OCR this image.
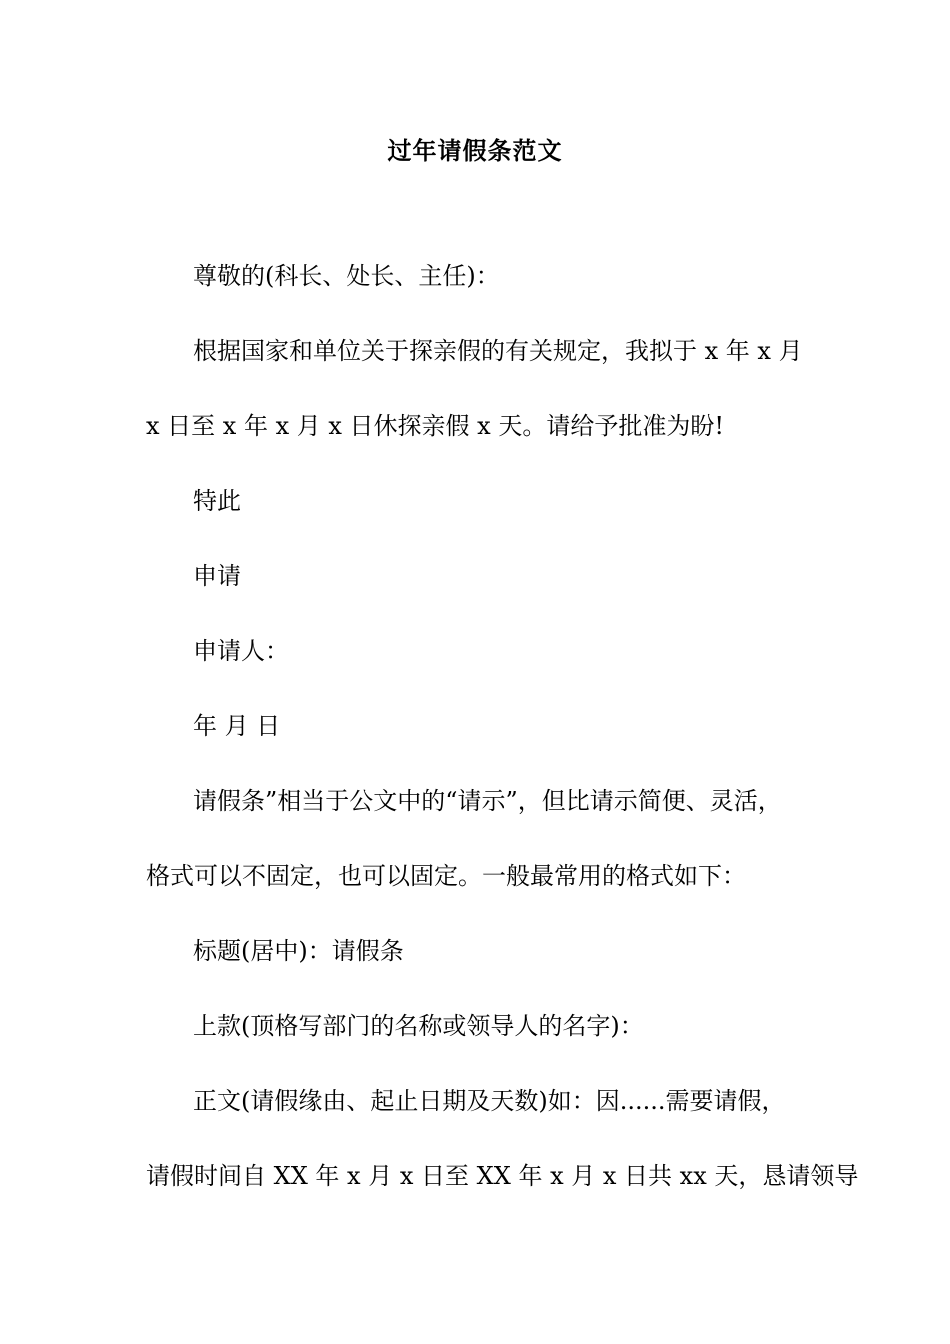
过年请假条范文

尊敬的(科长、处长、主任)：

根据国家和单位关于探亲假的有关规定，我拟于 x 年 x 月

x 日至 x 年 x 月 x 日休探亲假 x 天。请给予批准为盼!

特此

申请

申请人：

年 月 日

请假条”相当于公文中的“请示”，但比请示简便、灵活，

格式可以不固定，也可以固定。一般最常用的格式如下：

标题(居中)：请假条

上款(顶格写部门的名称或领导人的名字)：

正文(请假缘由、起止日期及天数)如：因......需要请假，

请假时间自 XX 年 x 月 x 日至 XX 年 x 月 x 日共 xx 天，恳请领导
